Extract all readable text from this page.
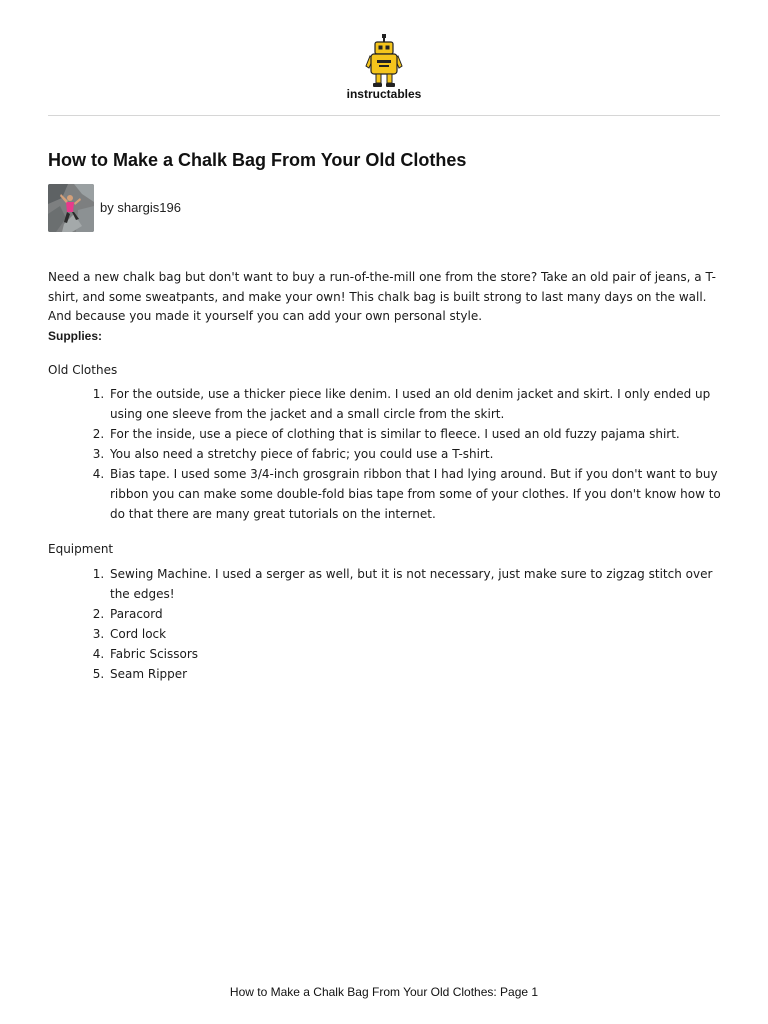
instructables
How to Make a Chalk Bag From Your Old Clothes
by shargis196

Need a new chalk bag but don't want to buy a run-of-the-mill one from the store? Take an old pair of jeans, a T-shirt, and some sweatpants, and make your own! This chalk bag is built strong to last many days on the wall. And because you made it yourself you can add your own personal style.

Supplies:
Old Clothes
1. For the outside, use a thicker piece like denim. I used an old denim jacket and skirt. I only ended up using one sleeve from the jacket and a small circle from the skirt.
2. For the inside, use a piece of clothing that is similar to fleece. I used an old fuzzy pajama shirt.
3. You also need a stretchy piece of fabric; you could use a T-shirt.
4. Bias tape. I used some 3/4-inch grosgrain ribbon that I had lying around. But if you don't want to buy ribbon you can make some double-fold bias tape from some of your clothes. If you don't know how to do that there are many great tutorials on the internet.
Equipment
1. Sewing Machine. I used a serger as well, but it is not necessary, just make sure to zigzag stitch over the edges!
2. Paracord
3. Cord lock
4. Fabric Scissors
5. Seam Ripper
How to Make a Chalk Bag From Your Old Clothes: Page 1
